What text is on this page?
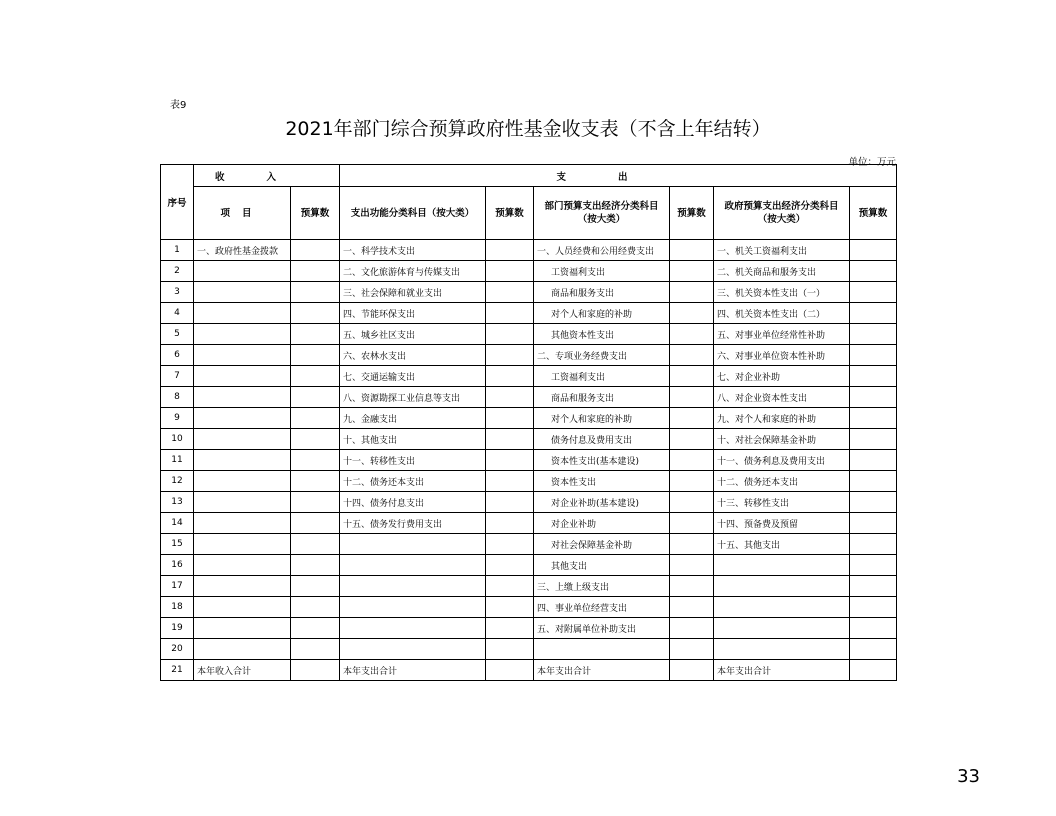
表9
2021年部门综合预算政府性基金收支表（不含上年结转）
单位：万元
序号	收入		支出					
	项目	预算数	支出功能分类科目（按大类）	预算数	部门预算支出经济分类科目（按大类）	预算数	政府预算支出经济分类科目（按大类）	预算数
1	一、政府性基金拨款		一、科学技术支出		一、人员经费和公用经费支出		一、机关工资福利支出	
2			二、文化旅游体育与传媒支出		工资福利支出		二、机关商品和服务支出	
3			三、社会保障和就业支出		商品和服务支出		三、机关资本性支出（一）	
4			四、节能环保支出		对个人和家庭的补助		四、机关资本性支出（二）	
5			五、城乡社区支出		其他资本性支出		五、对事业单位经常性补助	
6			六、农林水支出		二、专项业务经费支出		六、对事业单位资本性补助	
7			七、交通运输支出		工资福利支出		七、对企业补助	
8			八、资源勘探工业信息等支出		商品和服务支出		八、对企业资本性支出	
9			九、金融支出		对个人和家庭的补助		九、对个人和家庭的补助	
10			十、其他支出		债务付息及费用支出		十、对社会保障基金补助	
11			十一、转移性支出		资本性支出(基本建设)		十一、债务利息及费用支出	
12			十二、债务还本支出		资本性支出		十二、债务还本支出	
13			十四、债务付息支出		对企业补助(基本建设)		十三、转移性支出	
14			十五、债务发行费用支出		对企业补助		十四、预备费及预留	
15					对社会保障基金补助		十五、其他支出	
16					其他支出			
17					三、上缴上级支出			
18					四、事业单位经营支出			
19					五、对附属单位补助支出			
20								
21	本年收入合计		本年支出合计		本年支出合计		本年支出合计	
33
